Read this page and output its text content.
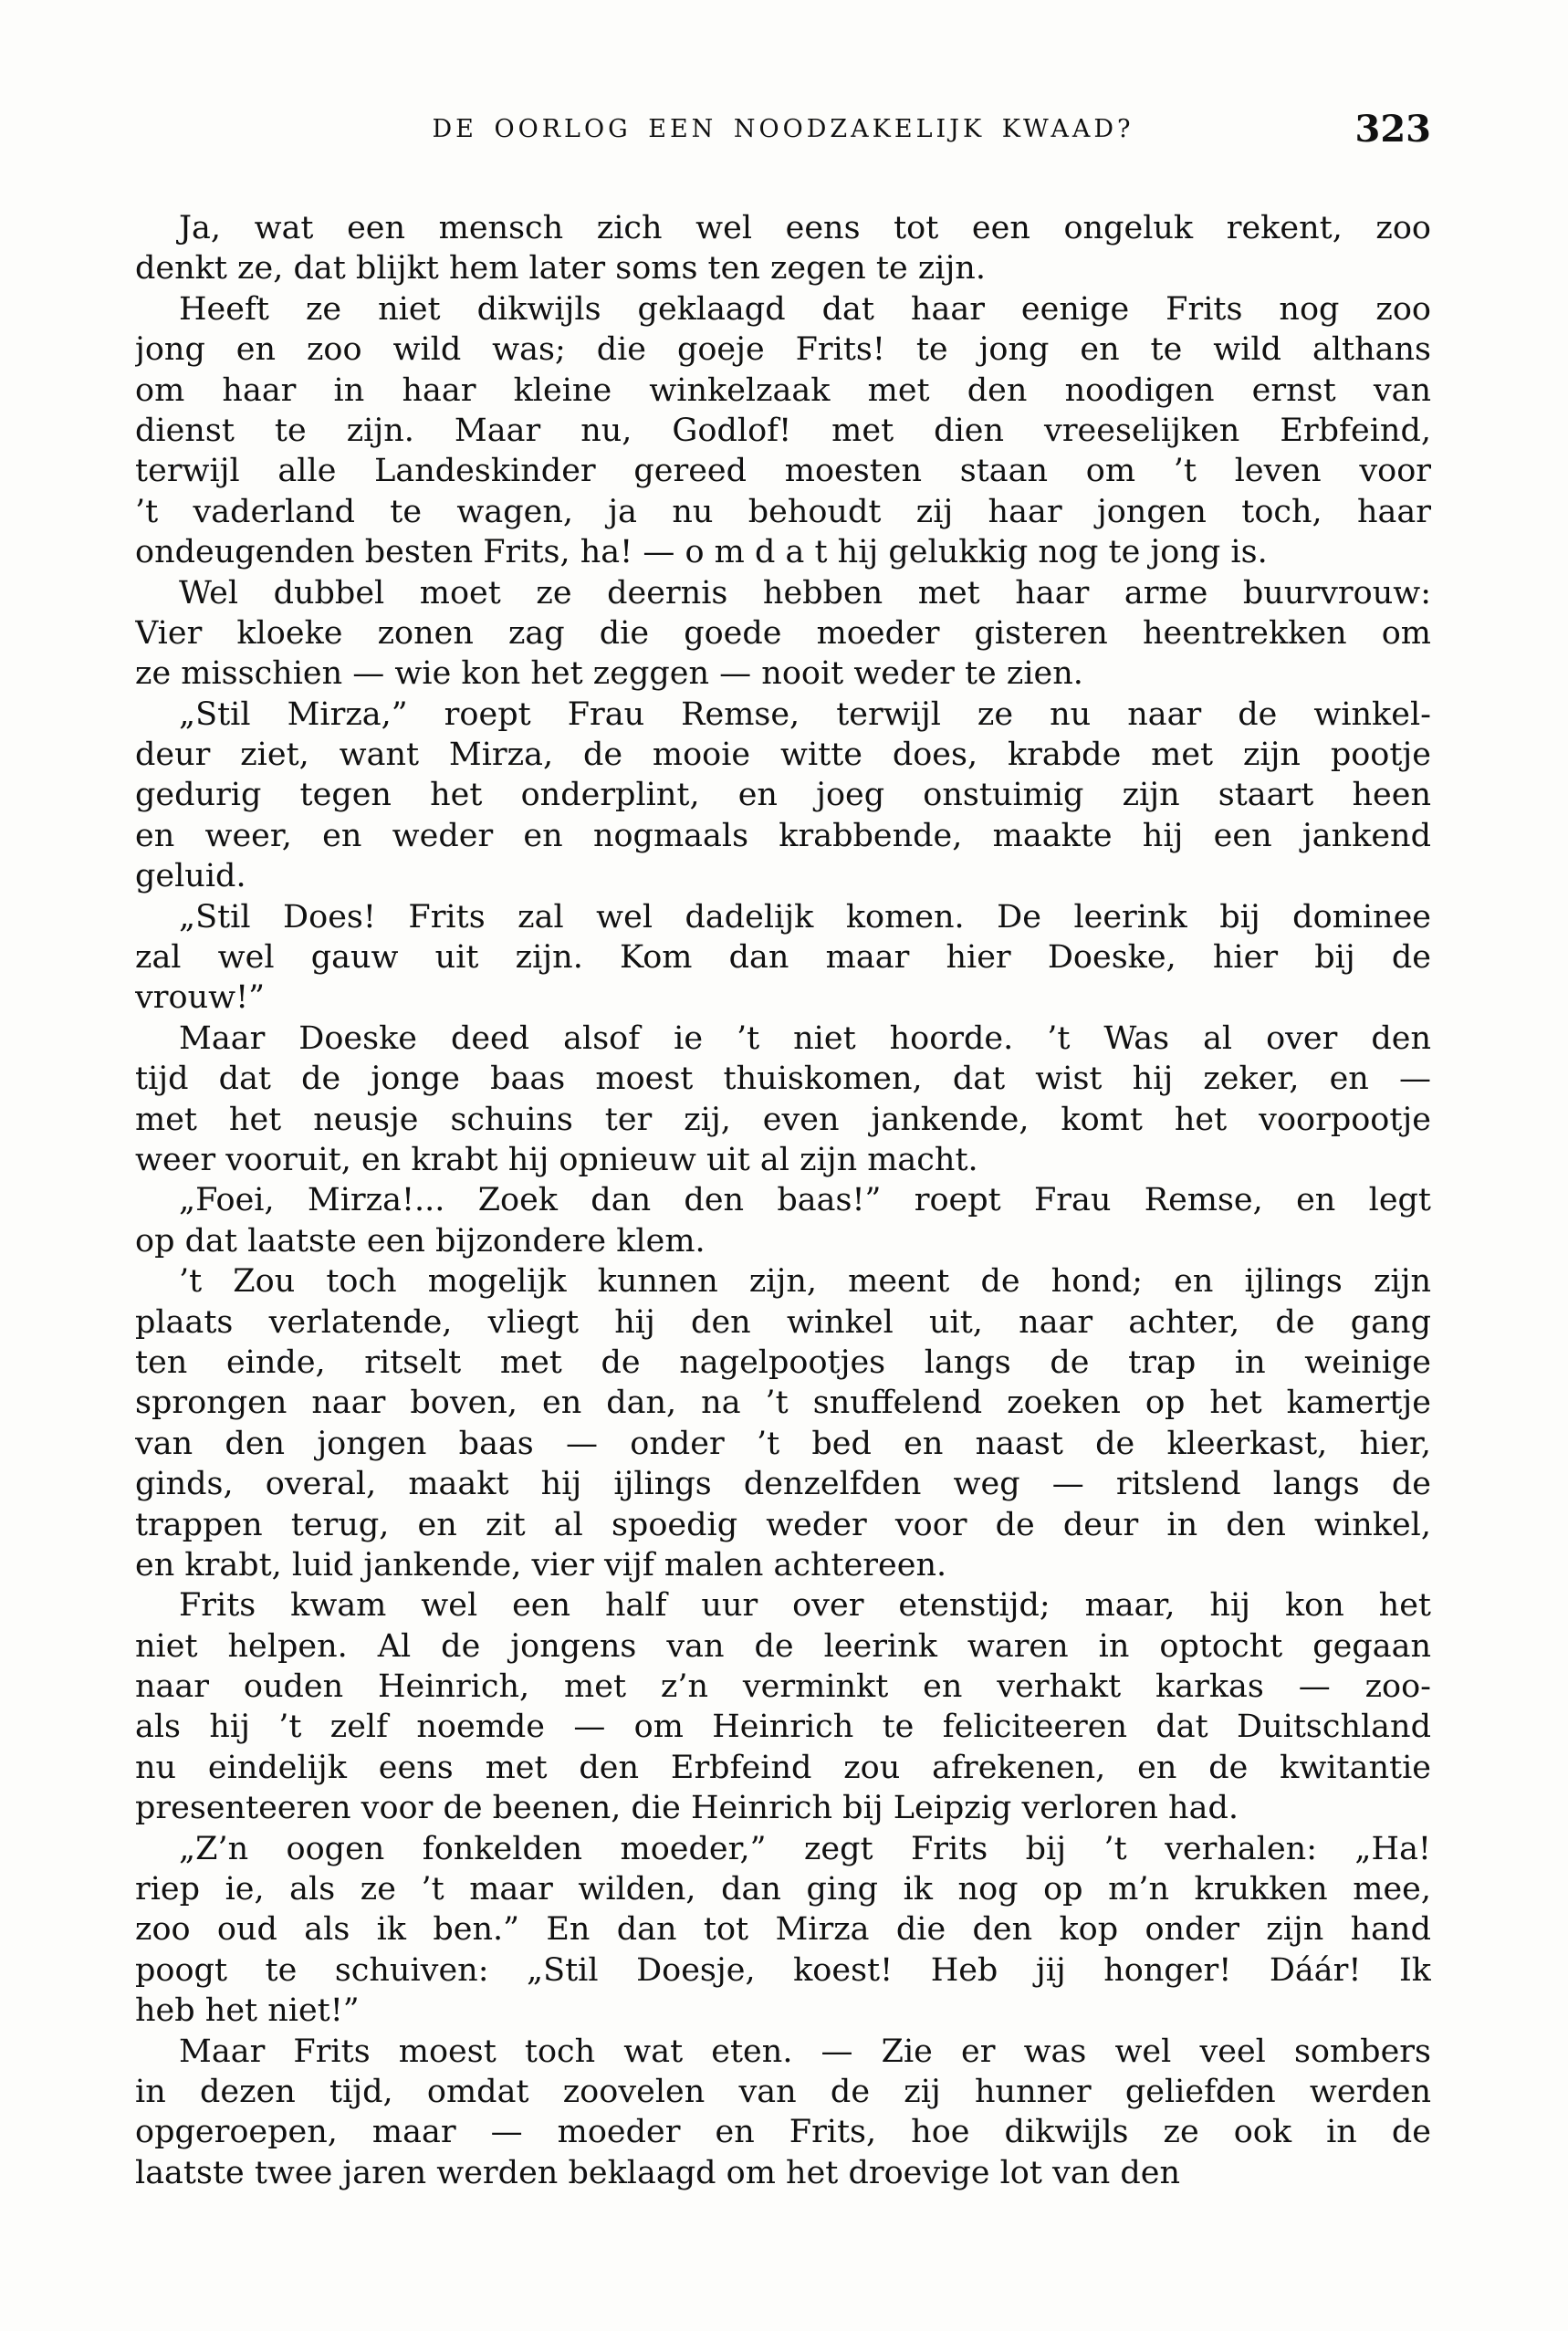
DE OORLOG EEN NOODZAKELIJK KWAAD?	323
Ja, wat een mensch zich wel eens tot een ongeluk rekent, zoo
denkt ze, dat blijkt hem later soms ten zegen te zijn.
Heeft ze niet dikwijls geklaagd dat haar eenige Frits nog zoo
jong en zoo wild was; die goeje Frits! te jong en te wild althans
om haar in haar kleine winkelzaak met den noodigen ernst van
dienst te zijn. Maar nu, Godlof! met dien vreeselijken Erbfeind,
terwijl alle Landeskinder gereed moesten staan om ’t leven voor
’t vaderland te wagen, ja nu behoudt zij haar jongen toch, haar
ondeugenden besten Frits, ha! — o m d a t hij gelukkig nog te jong is.
Wel dubbel moet ze deernis hebben met haar arme buurvrouw:
Vier kloeke zonen zag die goede moeder gisteren heentrekken om
ze misschien — wie kon het zeggen — nooit weder te zien.
„Stil Mirza,” roept Frau Remse, terwijl ze nu naar de winkel-
deur ziet, want Mirza, de mooie witte does, krabde met zijn pootje
gedurig tegen het onderplint, en joeg onstuimig zijn staart heen
en weer, en weder en nogmaals krabbende, maakte hij een jankend
geluid.
„Stil Does! Frits zal wel dadelijk komen. De leerink bij dominee
zal wel gauw uit zijn. Kom dan maar hier Doeske, hier bij de
vrouw!”
Maar Doeske deed alsof ie ’t niet hoorde. ’t Was al over den
tijd dat de jonge baas moest thuiskomen, dat wist hij zeker, en —
met het neusje schuins ter zij, even jankende, komt het voorpootje
weer vooruit, en krabt hij opnieuw uit al zijn macht.
„Foei, Mirza!... Zoek dan den baas!” roept Frau Remse, en legt
op dat laatste een bijzondere klem.
’t Zou toch mogelijk kunnen zijn, meent de hond; en ijlings zijn
plaats verlatende, vliegt hij den winkel uit, naar achter, de gang
ten einde, ritselt met de nagelpootjes langs de trap in weinige
sprongen naar boven, en dan, na ’t snuffelend zoeken op het kamertje
van den jongen baas — onder ’t bed en naast de kleerkast, hier,
ginds, overal, maakt hij ijlings denzelfden weg — ritslend langs de
trappen terug, en zit al spoedig weder voor de deur in den winkel,
en krabt, luid jankende, vier vijf malen achtereen.
Frits kwam wel een half uur over etenstijd; maar, hij kon het
niet helpen. Al de jongens van de leerink waren in optocht gegaan
naar ouden Heinrich, met z’n verminkt en verhakt karkas — zoo-
als hij ’t zelf noemde — om Heinrich te feliciteeren dat Duitschland
nu eindelijk eens met den Erbfeind zou afrekenen, en de kwitantie
presenteeren voor de beenen, die Heinrich bij Leipzig verloren had.
„Z’n oogen fonkelden moeder,” zegt Frits bij ’t verhalen: „Ha!
riep ie, als ze ’t maar wilden, dan ging ik nog op m’n krukken mee,
zoo oud als ik ben.” En dan tot Mirza die den kop onder zijn hand
poogt te schuiven: „Stil Doesje, koest! Heb jij honger! Dáár! Ik
heb het niet!”
Maar Frits moest toch wat eten. — Zie er was wel veel sombers
in dezen tijd, omdat zoovelen van de zij hunner geliefden werden
opgeroepen, maar — moeder en Frits, hoe dikwijls ze ook in de
laatste twee jaren werden beklaagd om het droevige lot van den
